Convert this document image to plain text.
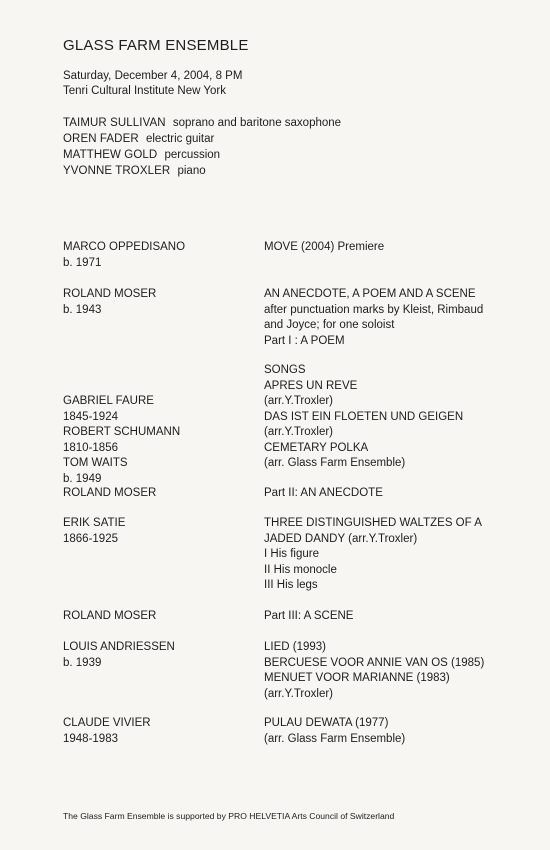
GLASS FARM ENSEMBLE
Saturday, December 4, 2004, 8 PM
Tenri Cultural Institute New York
TAIMUR SULLIVAN soprano and baritone saxophone
OREN FADER electric guitar
MATTHEW GOLD percussion
YVONNE TROXLER piano
MARCO OPPEDISANO
b. 1971
MOVE (2004) Premiere
ROLAND MOSER
b. 1943
AN ANECDOTE, A POEM AND A SCENE
after punctuation marks by Kleist, Rimbaud
and Joyce; for one soloist
Part I : A POEM
GABRIEL FAURE
1845-1924
ROBERT SCHUMANN
1810-1856
TOM WAITS
b. 1949
SONGS
APRES UN REVE
(arr.Y.Troxler)
DAS IST EIN FLOETEN UND GEIGEN
(arr.Y.Troxler)
CEMETARY POLKA
(arr. Glass Farm Ensemble)
ROLAND MOSER	Part II: AN ANECDOTE
ERIK SATIE
1866-1925
THREE DISTINGUISHED WALTZES OF A
JADED DANDY (arr.Y.Troxler)
I His figure
II His monocle
III His legs
ROLAND MOSER	Part III: A SCENE
LOUIS ANDRIESSEN
b. 1939
LIED (1993)
BERCUESE VOOR ANNIE VAN OS (1985)
MENUET VOOR MARIANNE (1983)
(arr.Y.Troxler)
CLAUDE VIVIER
1948-1983
PULAU DEWATA (1977)
(arr. Glass Farm Ensemble)
The Glass Farm Ensemble is supported by PRO HELVETIA Arts Council of Switzerland
